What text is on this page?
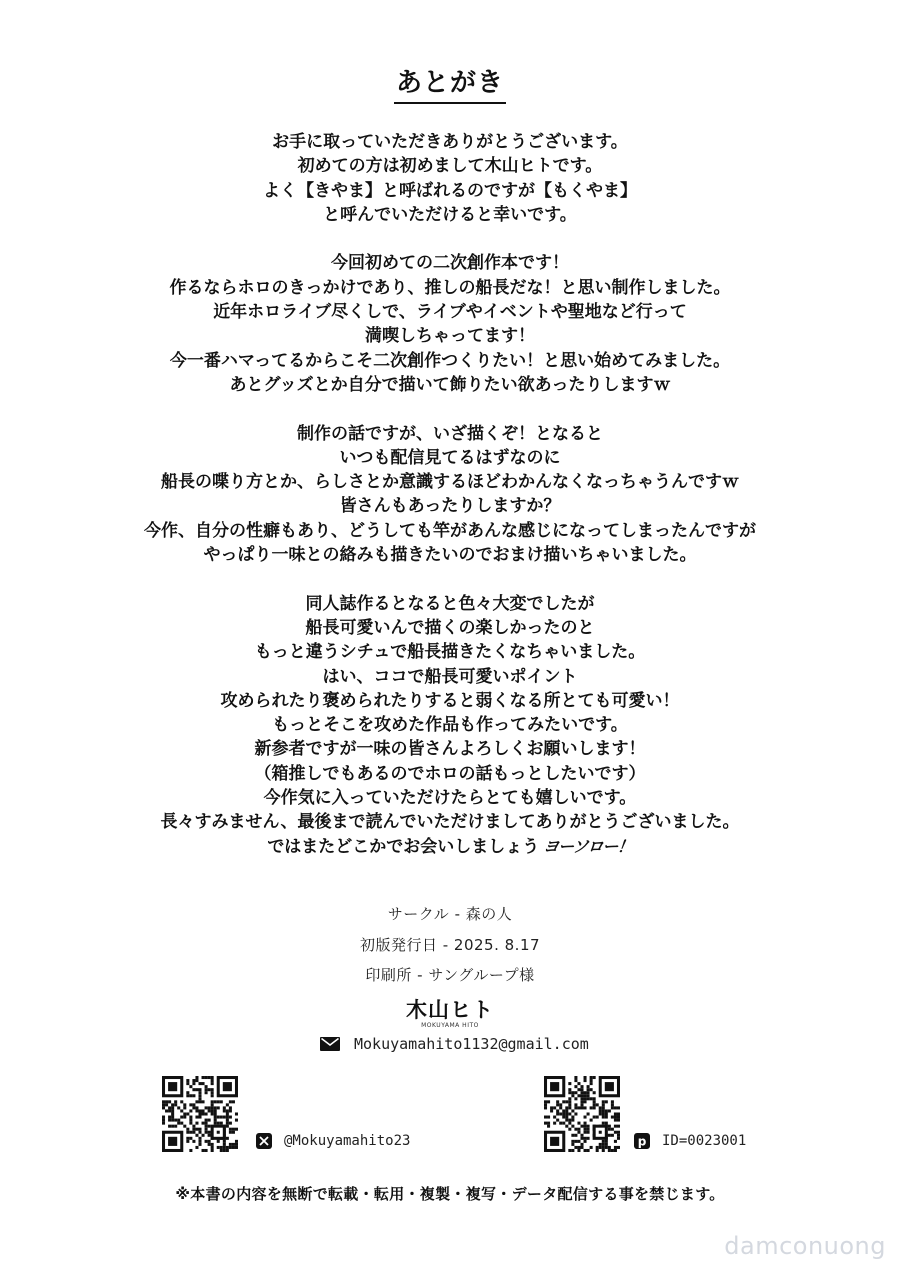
あとがき
お手に取っていただきありがとうございます。
初めての方は初めまして木山ヒトです。
よく【きやま】と呼ばれるのですが【もくやま】
と呼んでいただけると幸いです。
今回初めての二次創作本です！
作るならホロのきっかけであり、推しの船長だな！と思い制作しました。
近年ホロライブ尽くしで、ライブやイベントや聖地など行って
満喫しちゃってます！
今一番ハマってるからこそ二次創作つくりたい！と思い始めてみました。
あとグッズとか自分で描いて飾りたい欲あったりしますｗ
制作の話ですが、いざ描くぞ！となると
いつも配信見てるはずなのに
船長の喋り方とか、らしさとか意識するほどわかんなくなっちゃうんですｗ
皆さんもあったりしますか？
今作、自分の性癖もあり、どうしても竿があんな感じになってしまったんですが
やっぱり一味との絡みも描きたいのでおまけ描いちゃいました。
同人誌作るとなると色々大変でしたが
船長可愛いんで描くの楽しかったのと
もっと違うシチュで船長描きたくなちゃいました。
はい、ココで船長可愛いポイント
攻められたり褒められたりすると弱くなる所とても可愛い！
もっとそこを攻めた作品も作ってみたいです。
新参者ですが一味の皆さんよろしくお願いします！
（箱推しでもあるのでホロの話もっとしたいです）
今作気に入っていただけたらとても嬉しいです。
長々すみません、最後まで読んでいただけましてありがとうございました。
ではまたどこかでお会いしましょう ヨーソロー！
サークル - 森の人
初版発行日 - 2025. 8.17
印刷所 - サングループ様
木山ヒト
MOKUYAMA HITO
Mokuyamahito1132@gmail.com
@Mokuyamahito23	p ID=0023001
※本書の内容を無断で転載・転用・複製・複写・データ配信する事を禁じます。
damconuong
